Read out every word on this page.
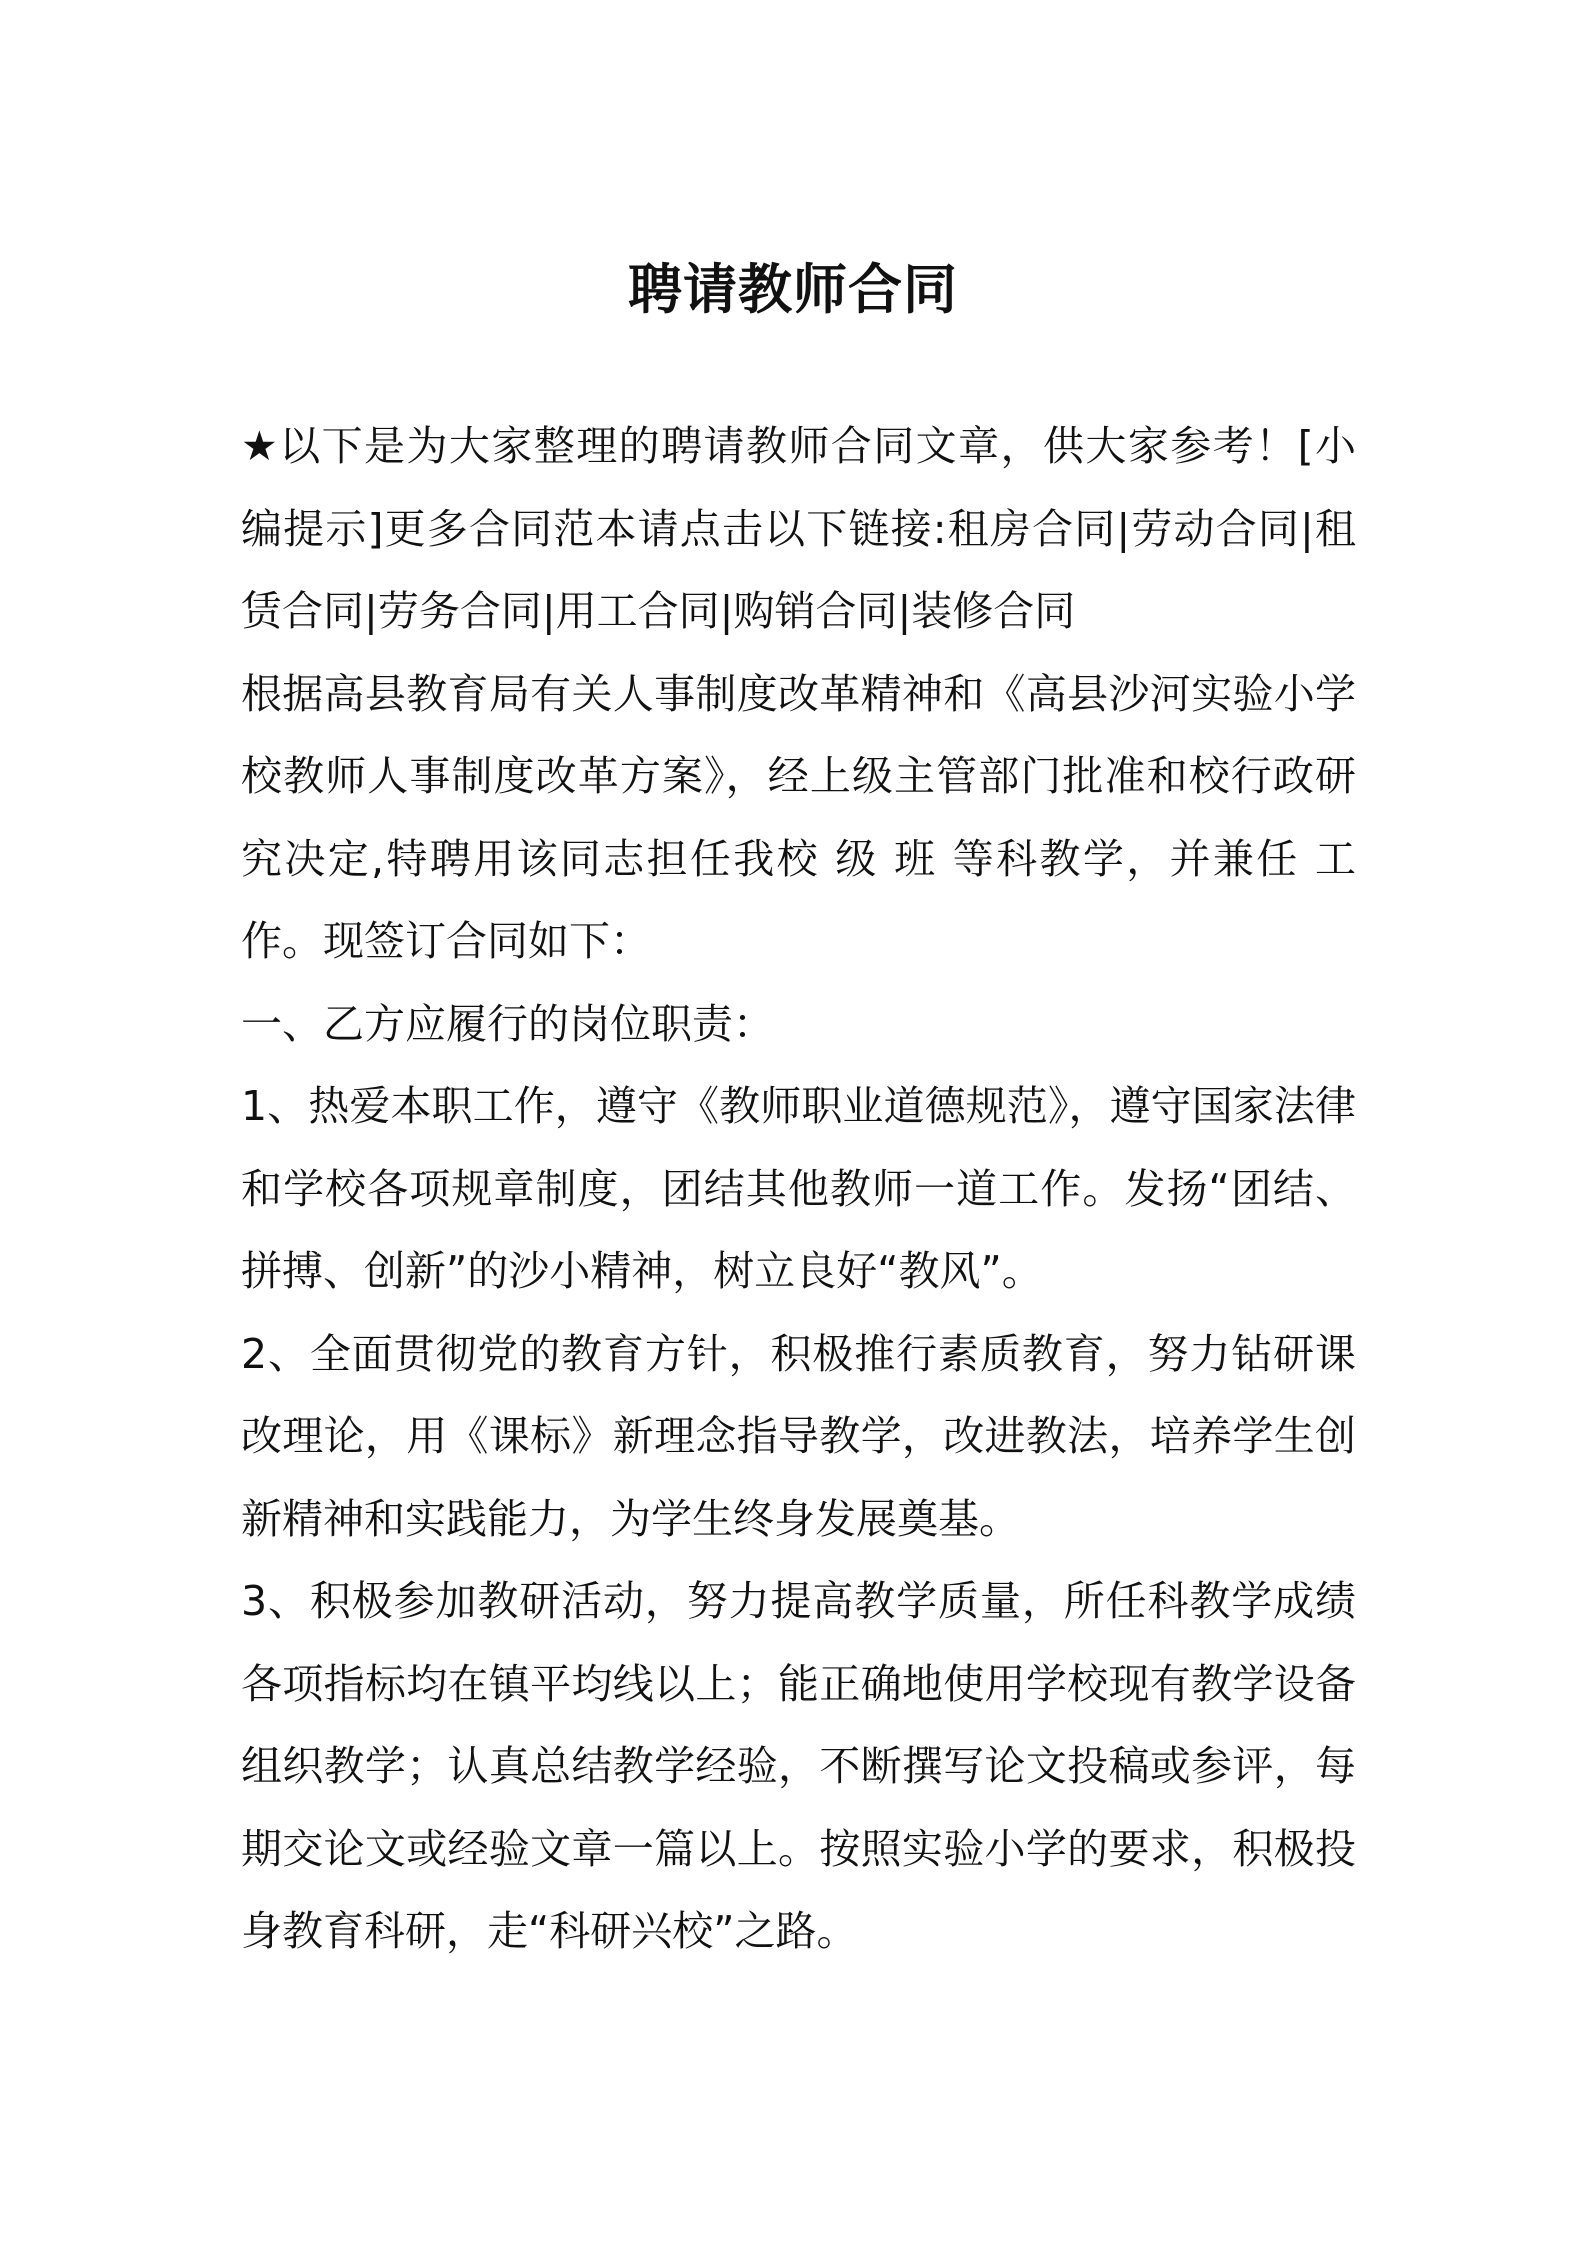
聘请教师合同

★以下是为大家整理的聘请教师合同文章，供大家参考！[小编提示]更多合同范本请点击以下链接:租房合同|劳动合同|租赁合同|劳务合同|用工合同|购销合同|装修合同

根据高县教育局有关人事制度改革精神和《高县沙河实验小学校教师人事制度改革方案》，经上级主管部门批准和校行政研究决定,特聘用该同志担任我校 级 班 等科教学，并兼任 工作。现签订合同如下：

一、乙方应履行的岗位职责：

1、热爱本职工作，遵守《教师职业道德规范》，遵守国家法律和学校各项规章制度，团结其他教师一道工作。发扬“团结、拼搏、创新”的沙小精神，树立良好“教风”。

2、全面贯彻党的教育方针，积极推行素质教育，努力钻研课改理论，用《课标》新理念指导教学，改进教法，培养学生创新精神和实践能力，为学生终身发展奠基。

3、积极参加教研活动，努力提高教学质量，所任科教学成绩各项指标均在镇平均线以上；能正确地使用学校现有教学设备组织教学；认真总结教学经验，不断撰写论文投稿或参评，每期交论文或经验文章一篇以上。按照实验小学的要求，积极投身教育科研，走“科研兴校”之路。
